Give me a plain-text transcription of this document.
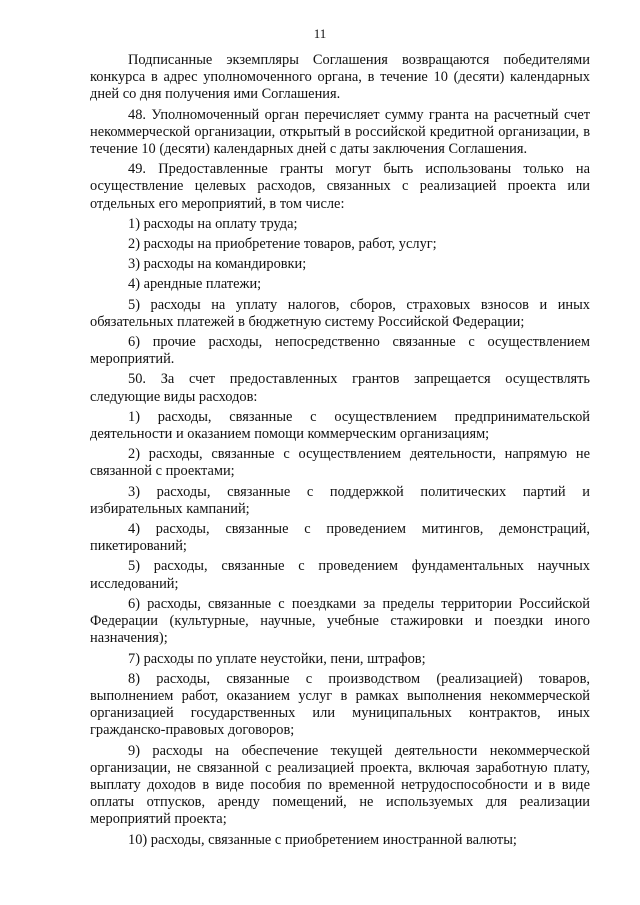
11

Подписанные экземпляры Соглашения возвращаются победителями конкурса в адрес уполномоченного органа, в течение 10 (десяти) календарных дней со дня получения ими Соглашения.

48. Уполномоченный орган перечисляет сумму гранта на расчетный счет некоммерческой организации, открытый в российской кредитной организации, в течение 10 (десяти) календарных дней с даты заключения Соглашения.

49. Предоставленные гранты могут быть использованы только на осуществление целевых расходов, связанных с реализацией проекта или отдельных его мероприятий, в том числе:

1) расходы на оплату труда;

2) расходы на приобретение товаров, работ, услуг;

3) расходы на командировки;

4) арендные платежи;

5) расходы на уплату налогов, сборов, страховых взносов и иных обязательных платежей в бюджетную систему Российской Федерации;

6) прочие расходы, непосредственно связанные с осуществлением мероприятий.

50. За счет предоставленных грантов запрещается осуществлять следующие виды расходов:

1) расходы, связанные с осуществлением предпринимательской деятельности и оказанием помощи коммерческим организациям;

2) расходы, связанные с осуществлением деятельности, напрямую не связанной с проектами;

3) расходы, связанные с поддержкой политических партий и избирательных кампаний;

4) расходы, связанные с проведением митингов, демонстраций, пикетирований;

5) расходы, связанные с проведением фундаментальных научных исследований;

6) расходы, связанные с поездками за пределы территории Российской Федерации (культурные, научные, учебные стажировки и поездки иного назначения);

7) расходы по уплате неустойки, пени, штрафов;

8) расходы, связанные с производством (реализацией) товаров, выполнением работ, оказанием услуг в рамках выполнения некоммерческой организацией государственных или муниципальных контрактов, иных гражданско-правовых договоров;

9) расходы на обеспечение текущей деятельности некоммерческой организации, не связанной с реализацией проекта, включая заработную плату, выплату доходов в виде пособия по временной нетрудоспособности и в виде оплаты отпусков, аренду помещений, не используемых для реализации мероприятий проекта;

10) расходы, связанные с приобретением иностранной валюты;
